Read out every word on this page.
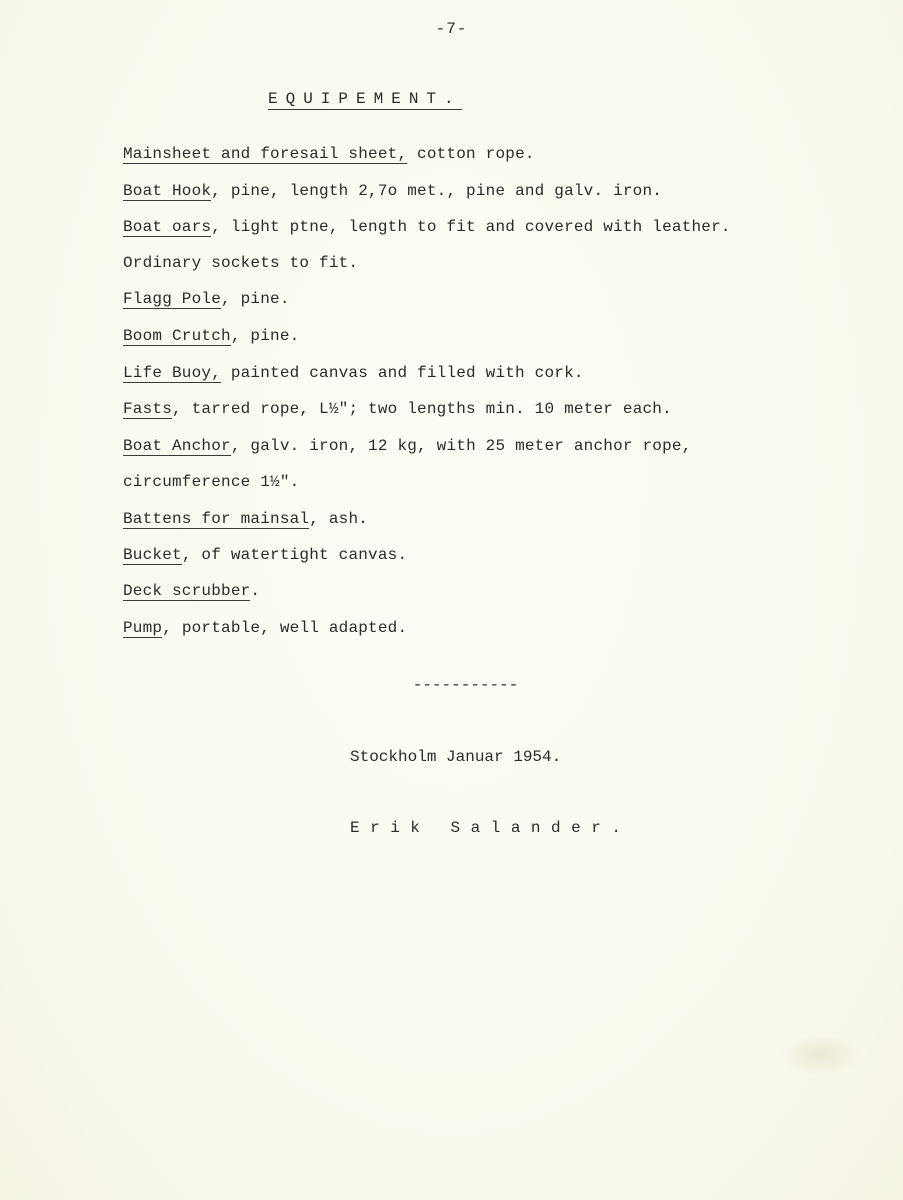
-7-
EQUIPEMENT.
Mainsheet and foresail sheet, cotton rope.
Boat Hook, pine, length 2,7o met., pine and galv. iron.
Boat oars, light ptne, length to fit and covered with leather.
Ordinary sockets to fit.
Flagg Pole, pine.
Boom Crutch, pine.
Life Buoy, painted canvas and filled with cork.
Fasts, tarred rope, L½"; two lengths min. 10 meter each.
Boat Anchor, galv. iron, 12 kg, with 25 meter anchor rope,
circumference 1½".
Battens for mainsal, ash.
Bucket, of watertight canvas.
Deck scrubber.
Pump, portable, well adapted.
-----------
Stockholm Januar 1954.
Erik Salander.
